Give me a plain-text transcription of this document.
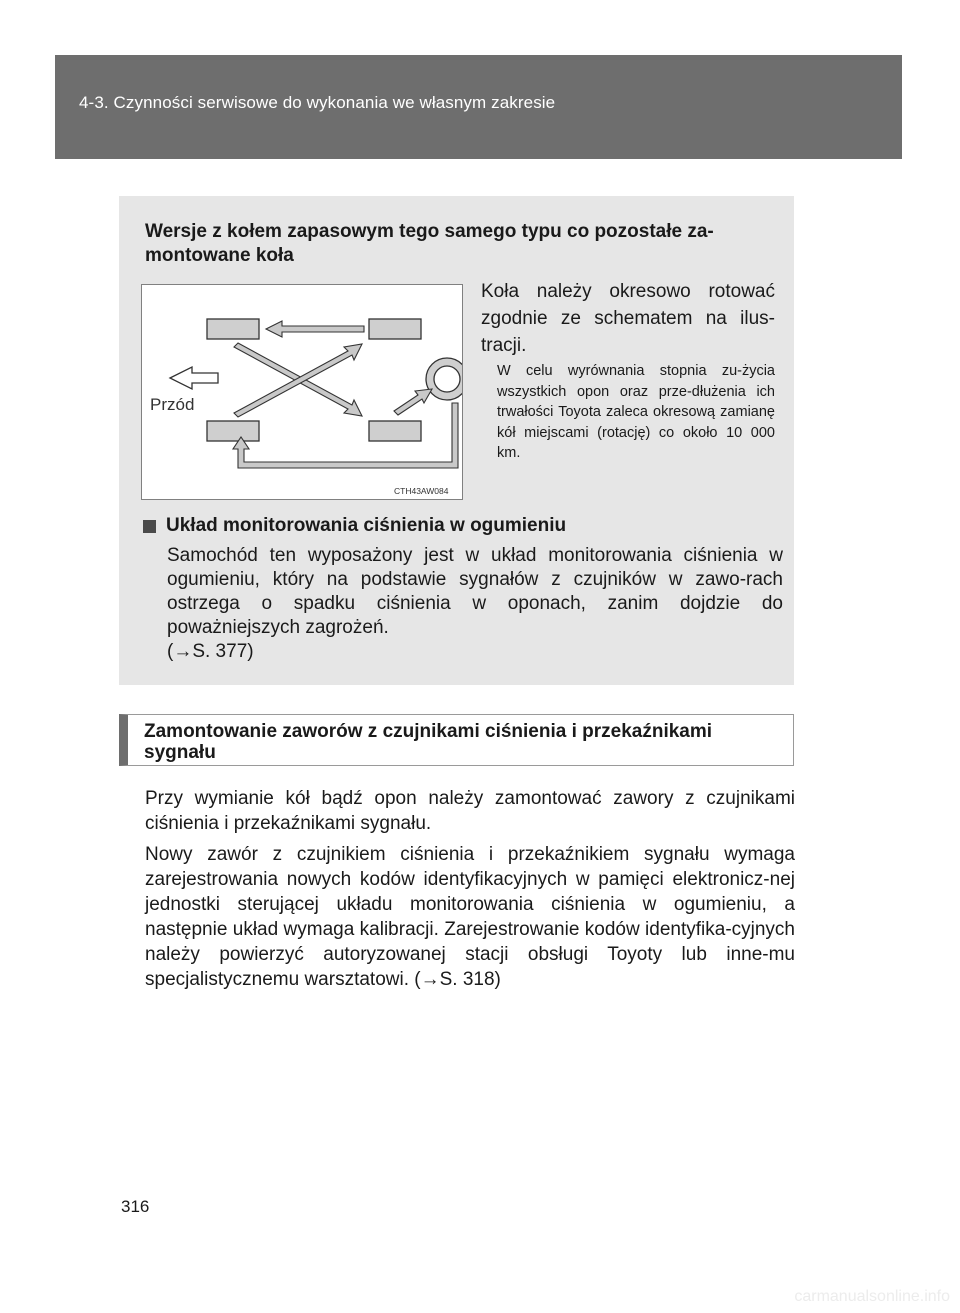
4-3. Czynności serwisowe do wykonania we własnym zakresie
Wersje z kołem zapasowym tego samego typu co pozostałe za-montowane koła
Przód
CTH43AW084
Koła należy okresowo rotować zgodnie ze schematem na ilus-tracji.
W celu wyrównania stopnia zu-życia wszystkich opon oraz prze-dłużenia ich trwałości Toyota zaleca okresową zamianę kół miejscami (rotację) co około 10 000 km.
Układ monitorowania ciśnienia w ogumieniu
Samochód ten wyposażony jest w układ monitorowania ciśnienia w ogumieniu, który na podstawie sygnałów z czujników w zawo-rach ostrzega o spadku ciśnienia w oponach, zanim dojdzie do poważniejszych zagrożeń.
(→S. 377)
Zamontowanie zaworów z czujnikami ciśnienia i przekaźnikami sygnału
Przy wymianie kół bądź opon należy zamontować zawory z czujnikami ciśnienia i przekaźnikami sygnału.
Nowy zawór z czujnikiem ciśnienia i przekaźnikiem sygnału wymaga zarejestrowania nowych kodów identyfikacyjnych w pamięci elektronicz-nej jednostki sterującej układu monitorowania ciśnienia w ogumieniu, a następnie układ wymaga kalibracji. Zarejestrowanie kodów identyfika-cyjnych należy powierzyć autoryzowanej stacji obsługi Toyoty lub inne-mu specjalistycznemu warsztatowi. (→S. 318)
316
carmanualsonline.info
